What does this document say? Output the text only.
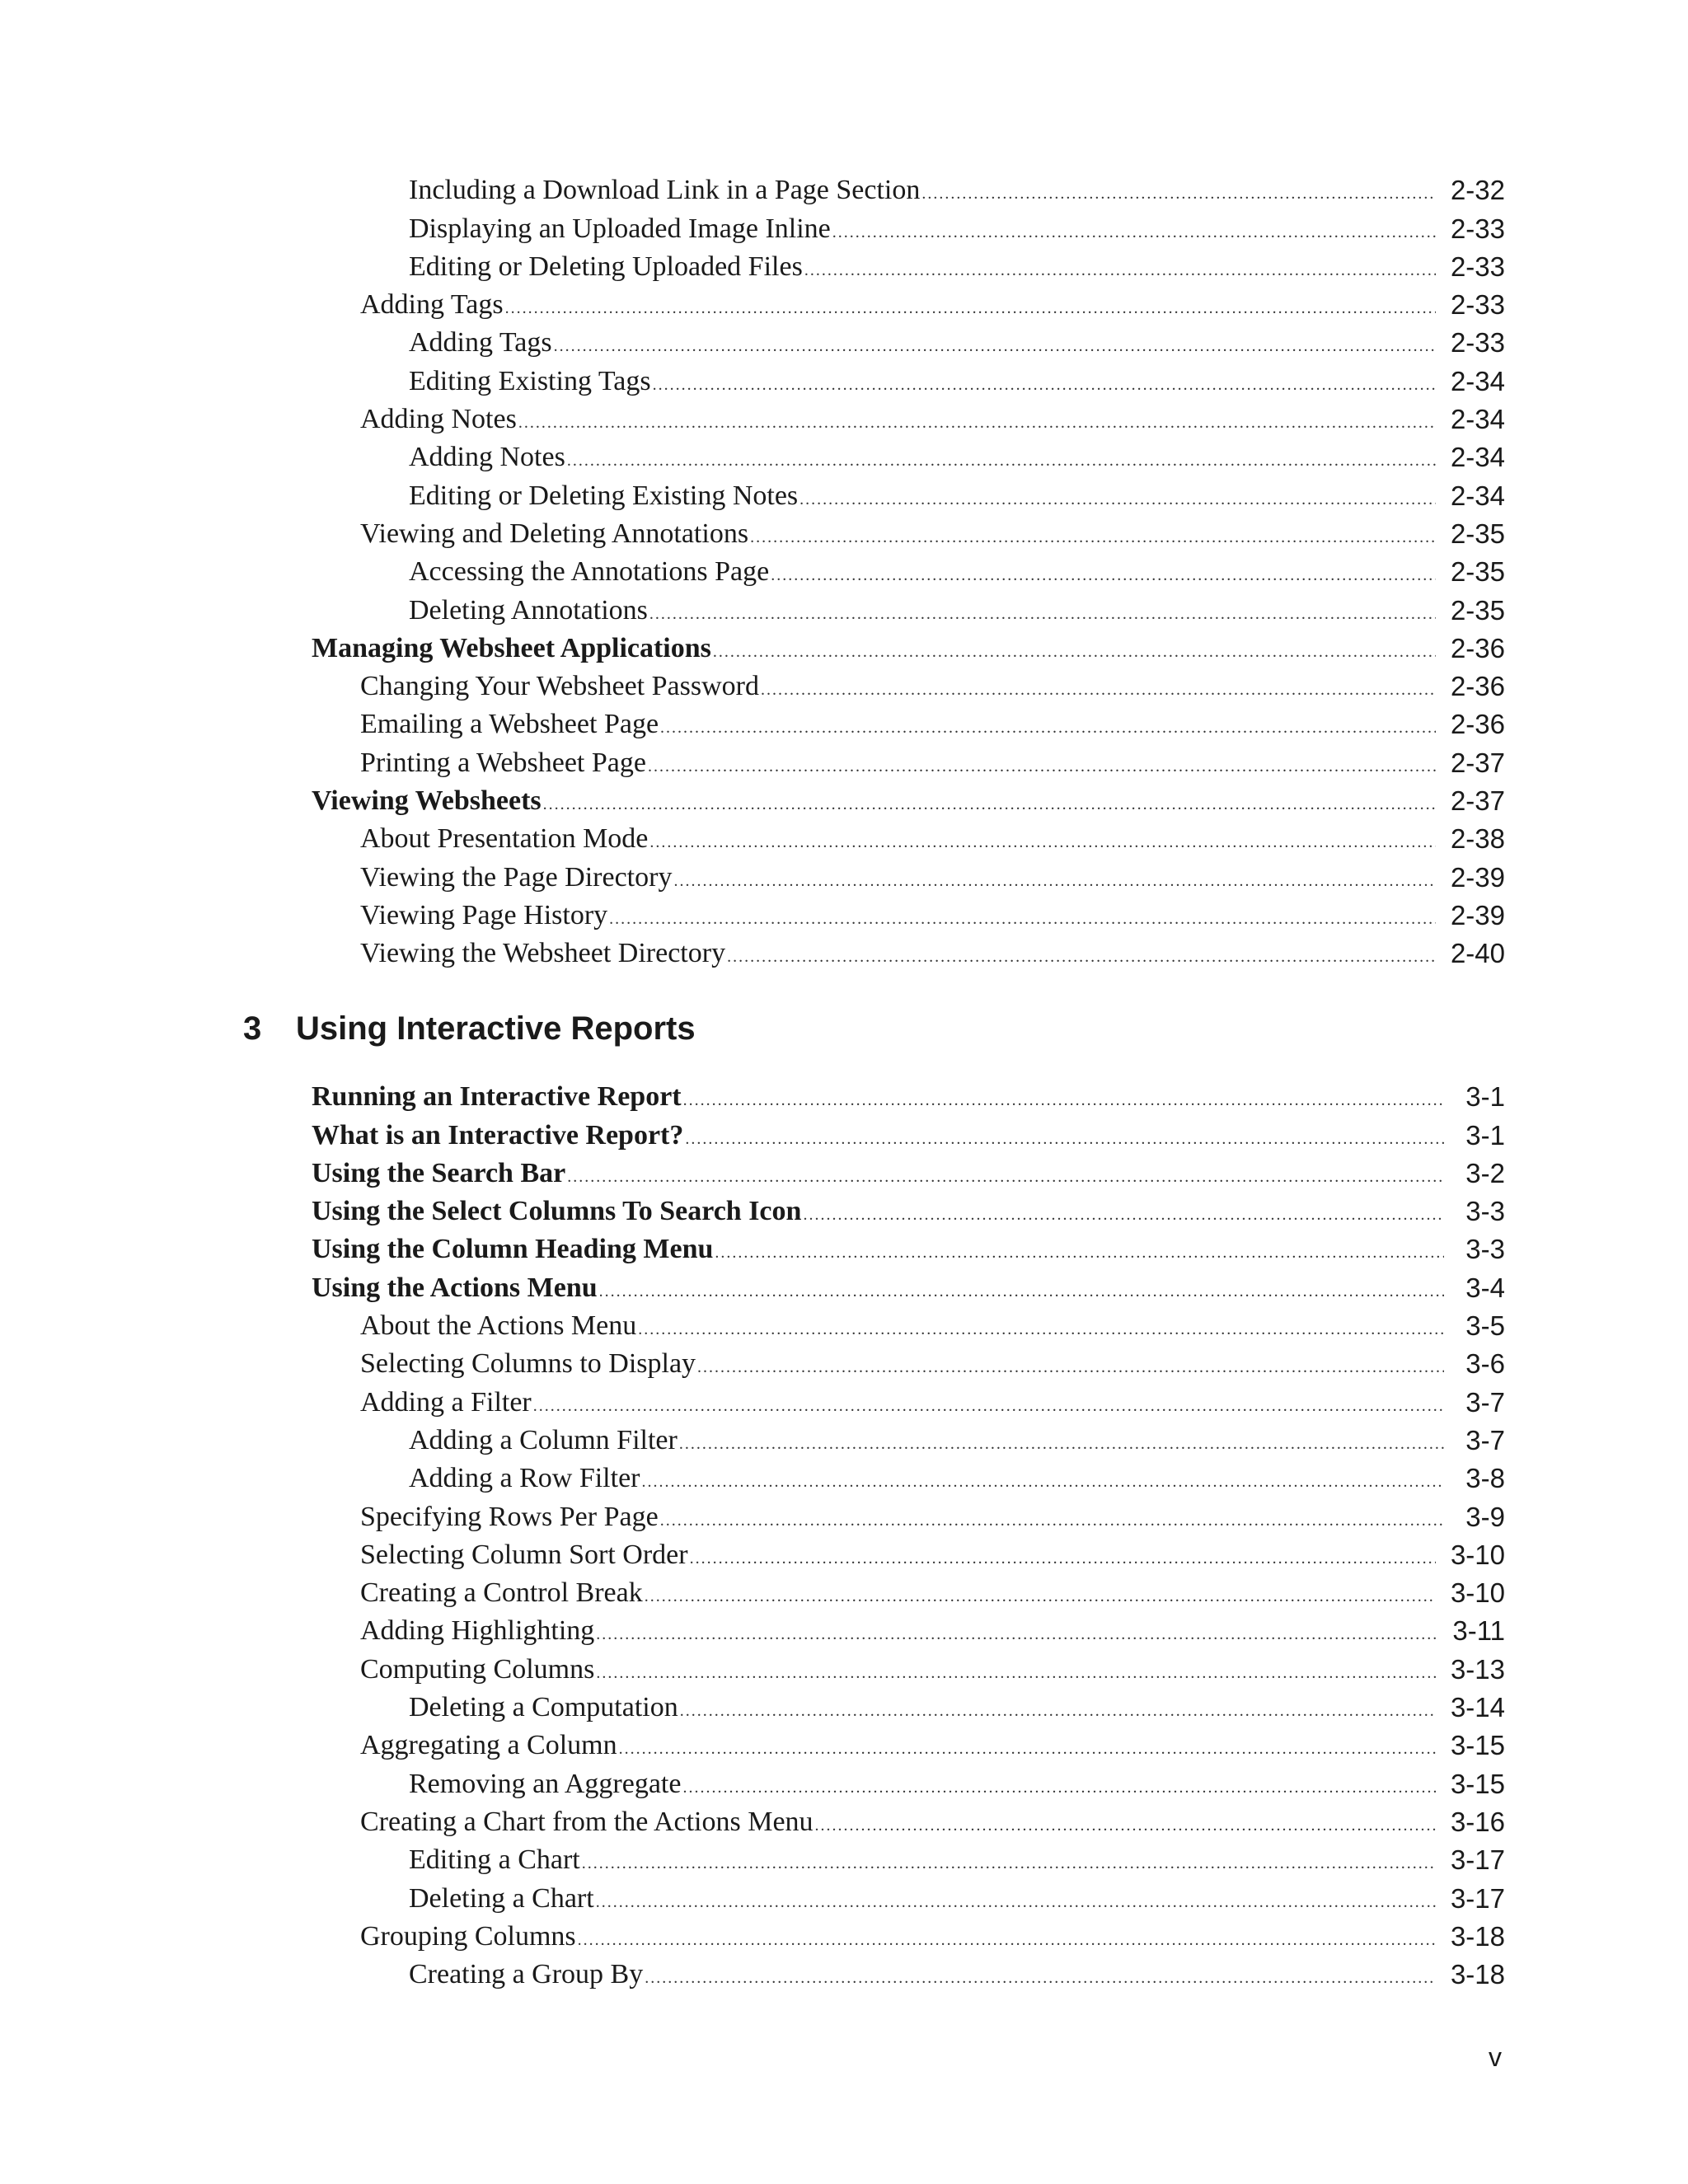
Including a Download Link in a Page Section .....	2-32
Displaying an Uploaded Image Inline .....	2-33
Editing or Deleting Uploaded Files .....	2-33
Adding Tags .....	2-33
Adding Tags .....	2-33
Editing Existing Tags .....	2-34
Adding Notes .....	2-34
Adding Notes .....	2-34
Editing or Deleting Existing Notes .....	2-34
Viewing and Deleting Annotations .....	2-35
Accessing the Annotations Page .....	2-35
Deleting Annotations .....	2-35
Managing Websheet Applications .....	2-36
Changing Your Websheet Password .....	2-36
Emailing a Websheet Page .....	2-36
Printing a Websheet Page .....	2-37
Viewing Websheets .....	2-37
About Presentation Mode .....	2-38
Viewing the Page Directory .....	2-39
Viewing Page History .....	2-39
Viewing the Websheet Directory .....	2-40
3 Using Interactive Reports
Running an Interactive Report .....	3-1
What is an Interactive Report? .....	3-1
Using the Search Bar .....	3-2
Using the Select Columns To Search Icon .....	3-3
Using the Column Heading Menu .....	3-3
Using the Actions Menu .....	3-4
About the Actions Menu .....	3-5
Selecting Columns to Display .....	3-6
Adding a Filter .....	3-7
Adding a Column Filter .....	3-7
Adding a Row Filter .....	3-8
Specifying Rows Per Page .....	3-9
Selecting Column Sort Order .....	3-10
Creating a Control Break .....	3-10
Adding Highlighting .....	3-11
Computing Columns .....	3-13
Deleting a Computation .....	3-14
Aggregating a Column .....	3-15
Removing an Aggregate .....	3-15
Creating a Chart from the Actions Menu .....	3-16
Editing a Chart .....	3-17
Deleting a Chart .....	3-17
Grouping Columns .....	3-18
Creating a Group By .....	3-18
v
